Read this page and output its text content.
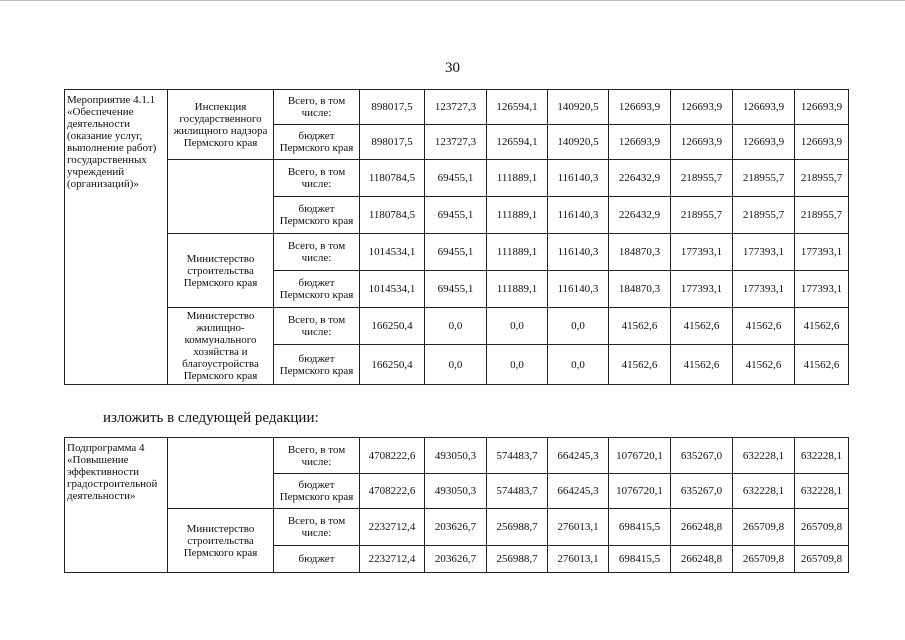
30
Мероприятие 4.1.1 «Обеспечение деятельности (оказание услуг, выполнение работ) государственных учреждений (организаций)»	Инспекция государственного жилищного надзора Пермского края	Всего, в том числе:	898017,5	123727,3	126594,1	140920,5	126693,9	126693,9	126693,9	126693,9
		бюджет Пермского края	898017,5	123727,3	126594,1	140920,5	126693,9	126693,9	126693,9	126693,9
		Всего, в том числе:	1180784,5	69455,1	111889,1	116140,3	226432,9	218955,7	218955,7	218955,7
		бюджет Пермского края	1180784,5	69455,1	111889,1	116140,3	226432,9	218955,7	218955,7	218955,7
	Министерство строительства Пермского края	Всего, в том числе:	1014534,1	69455,1	111889,1	116140,3	184870,3	177393,1	177393,1	177393,1
		бюджет Пермского края	1014534,1	69455,1	111889,1	116140,3	184870,3	177393,1	177393,1	177393,1
	Министерство жилищно-коммунального хозяйства и благоустройства Пермского края	Всего, в том числе:	166250,4	0,0	0,0	0,0	41562,6	41562,6	41562,6	41562,6
		бюджет Пермского края	166250,4	0,0	0,0	0,0	41562,6	41562,6	41562,6	41562,6
изложить в следующей редакции:
Подпрограмма 4 «Повышение эффективности градостроительной деятельности»		Всего, в том числе:	4708222,6	493050,3	574483,7	664245,3	1076720,1	635267,0	632228,1	632228,1
		бюджет Пермского края	4708222,6	493050,3	574483,7	664245,3	1076720,1	635267,0	632228,1	632228,1
	Министерство строительства Пермского края	Всего, в том числе:	2232712,4	203626,7	256988,7	276013,1	698415,5	266248,8	265709,8	265709,8
		бюджет	2232712,4	203626,7	256988,7	276013,1	698415,5	266248,8	265709,8	265709,8
